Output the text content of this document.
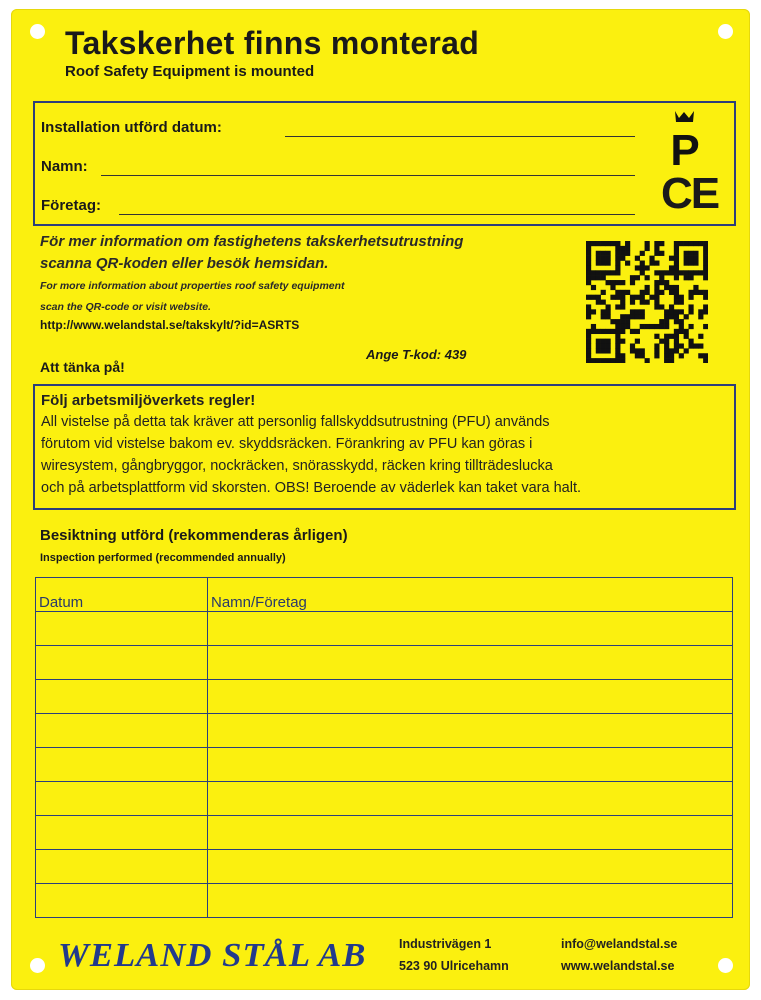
Takskerhet finns monterad
Roof Safety Equipment is mounted
Installation utförd datum:
Namn:
Företag:
P
CE
För mer information om fastighetens takskerhetsutrustning
scanna QR-koden eller besök hemsidan.
For more information about properties roof safety equipment
scan the QR-code or visit website.
http://www.welandstal.se/takskylt/?id=ASRTS
Ange T-kod: 439
Att tänka på!
Följ arbetsmiljöverkets regler!
All vistelse på detta tak kräver att personlig fallskyddsutrustning (PFU) används
förutom vid vistelse bakom ev. skyddsräcken. Förankring av PFU kan göras i
wiresystem, gångbryggor, nockräcken, snörasskydd, räcken kring tillträdeslucka
och på arbetsplattform vid skorsten. OBS! Beroende av väderlek kan taket vara halt.
Besiktning utförd (rekommenderas årligen)
Inspection performed (recommended annually)
Datum	Namn/Företag

WELAND STÅL AB	Industrivägen 1
523 90 Ulricehamn
info@welandstal.se
www.welandstal.se
